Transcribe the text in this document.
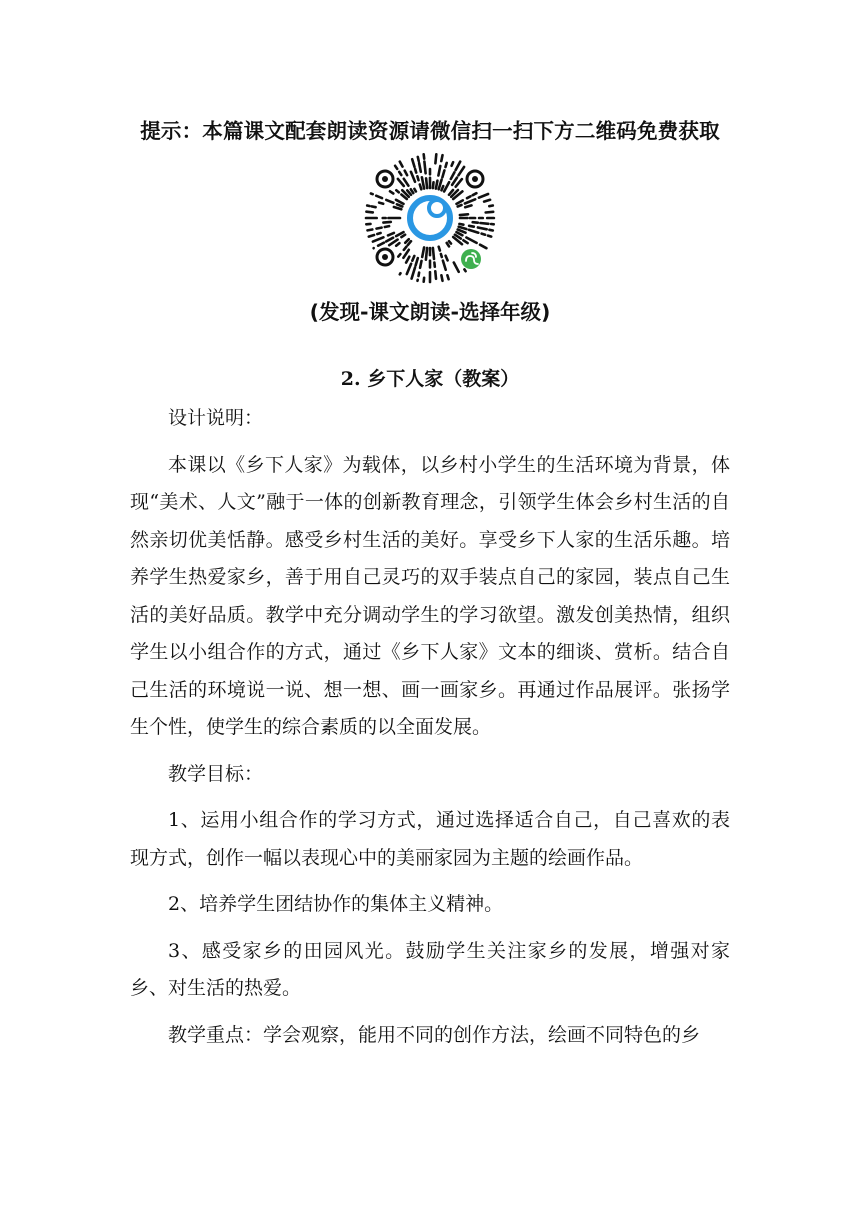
提示：本篇课文配套朗读资源请微信扫一扫下方二维码免费获取
(发现-课文朗读-选择年级)
2. 乡下人家（教案）

设计说明：

本课以《乡下人家》为载体，以乡村小学生的生活环境为背景，体现“美术、人文”融于一体的创新教育理念，引领学生体会乡村生活的自然亲切优美恬静。感受乡村生活的美好。享受乡下人家的生活乐趣。培养学生热爱家乡，善于用自己灵巧的双手装点自己的家园，装点自己生活的美好品质。教学中充分调动学生的学习欲望。激发创美热情，组织学生以小组合作的方式，通过《乡下人家》文本的细谈、赏析。结合自己生活的环境说一说、想一想、画一画家乡。再通过作品展评。张扬学生个性，使学生的综合素质的以全面发展。

教学目标：

1、运用小组合作的学习方式，通过选择适合自己，自己喜欢的表现方式，创作一幅以表现心中的美丽家园为主题的绘画作品。

2、培养学生团结协作的集体主义精神。

3、感受家乡的田园风光。鼓励学生关注家乡的发展，增强对家乡、对生活的热爱。

教学重点：学会观察，能用不同的创作方法，绘画不同特色的乡
